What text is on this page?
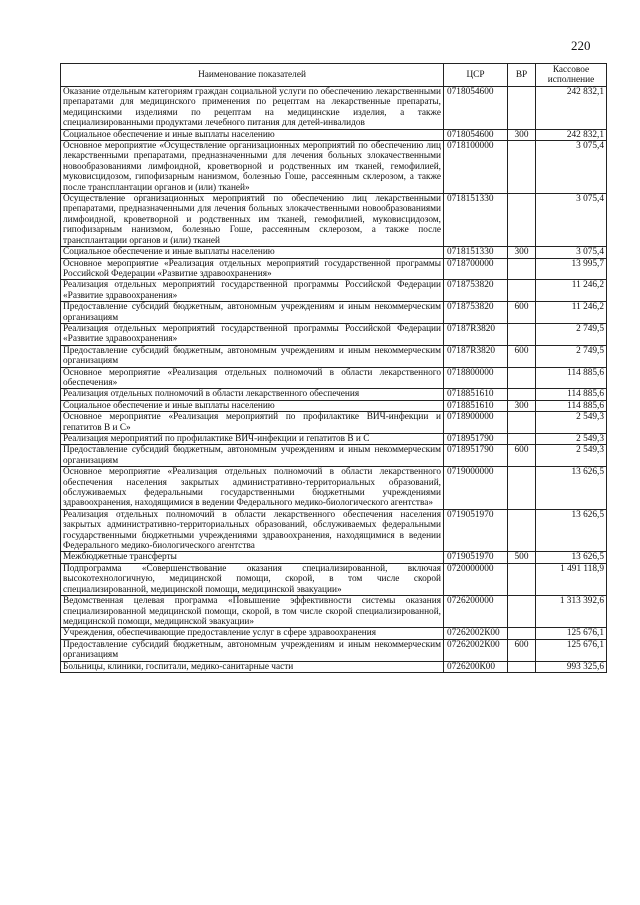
220
Наименование показателей	ЦСР	ВР	Кассовое исполнение
Оказание отдельным категориям граждан социальной услуги по обеспечению лекарственными препаратами для медицинского применения по рецептам на лекарственные препараты, медицинскими изделиями по рецептам на медицинские изделия, а также специализированными продуктами лечебного питания для детей-инвалидов	0718054600		242 832,1
Социальное обеспечение и иные выплаты населению	0718054600	300	242 832,1
Основное мероприятие «Осуществление организационных мероприятий по обеспечению лиц лекарственными препаратами, предназначенными для лечения больных злокачественными новообразованиями лимфоидной, кроветворной и родственных им тканей, гемофилией, муковисцидозом, гипофизарным нанизмом, болезнью Гоше, рассеянным склерозом, а также после трансплантации органов и (или) тканей»	0718100000		3 075,4
Осуществление организационных мероприятий по обеспечению лиц лекарственными препаратами, предназначенными для лечения больных злокачественными новообразованиями лимфоидной, кроветворной и родственных им тканей, гемофилией, муковисцидозом, гипофизарным нанизмом, болезнью Гоше, рассеянным склерозом, а также после трансплантации органов и (или) тканей	0718151330		3 075,4
Социальное обеспечение и иные выплаты населению	0718151330	300	3 075,4
Основное мероприятие «Реализация отдельных мероприятий государственной программы Российской Федерации «Развитие здравоохранения»	0718700000		13 995,7
Реализация отдельных мероприятий государственной программы Российской Федерации «Развитие здравоохранения»	0718753820		11 246,2
Предоставление субсидий бюджетным, автономным учреждениям и иным некоммерческим организациям	0718753820	600	11 246,2
Реализация отдельных мероприятий государственной программы Российской Федерации «Развитие здравоохранения»	07187R3820		2 749,5
Предоставление субсидий бюджетным, автономным учреждениям и иным некоммерческим организациям	07187R3820	600	2 749,5
Основное мероприятие «Реализация отдельных полномочий в области лекарственного обеспечения»	0718800000		114 885,6
Реализация отдельных полномочий в области лекарственного обеспечения	0718851610		114 885,6
Социальное обеспечение и иные выплаты населению	0718851610	300	114 885,6
Основное мероприятие «Реализация мероприятий по профилактике ВИЧ-инфекции и гепатитов В и С»	0718900000		2 549,3
Реализация мероприятий по профилактике ВИЧ-инфекции и гепатитов В и С	0718951790		2 549,3
Предоставление субсидий бюджетным, автономным учреждениям и иным некоммерческим организациям	0718951790	600	2 549,3
Основное мероприятие «Реализация отдельных полномочий в области лекарственного обеспечения населения закрытых административно-территориальных образований, обслуживаемых федеральными государственными бюджетными учреждениями здравоохранения, находящимися в ведении Федерального медико-биологического агентства»	0719000000		13 626,5
Реализация отдельных полномочий в области лекарственного обеспечения населения закрытых административно-территориальных образований, обслуживаемых федеральными государственными бюджетными учреждениями здравоохранения, находящимися в ведении Федерального медико-биологического агентства	0719051970		13 626,5
Межбюджетные трансферты	0719051970	500	13 626,5
Подпрограмма «Совершенствование оказания специализированной, включая высокотехнологичную, медицинской помощи, скорой, в том числе скорой специализированной, медицинской помощи, медицинской эвакуации»	0720000000		1 491 118,9
Ведомственная целевая программа «Повышение эффективности системы оказания специализированной медицинской помощи, скорой, в том числе скорой специализированной, медицинской помощи, медицинской эвакуации»	0726200000		1 313 392,6
Учреждения, обеспечивающие предоставление услуг в сфере здравоохранения	07262002К00		125 676,1
Предоставление субсидий бюджетным, автономным учреждениям и иным некоммерческим организациям	07262002К00	600	125 676,1
Больницы, клиники, госпитали, медико-санитарные части	0726200К00		993 325,6
